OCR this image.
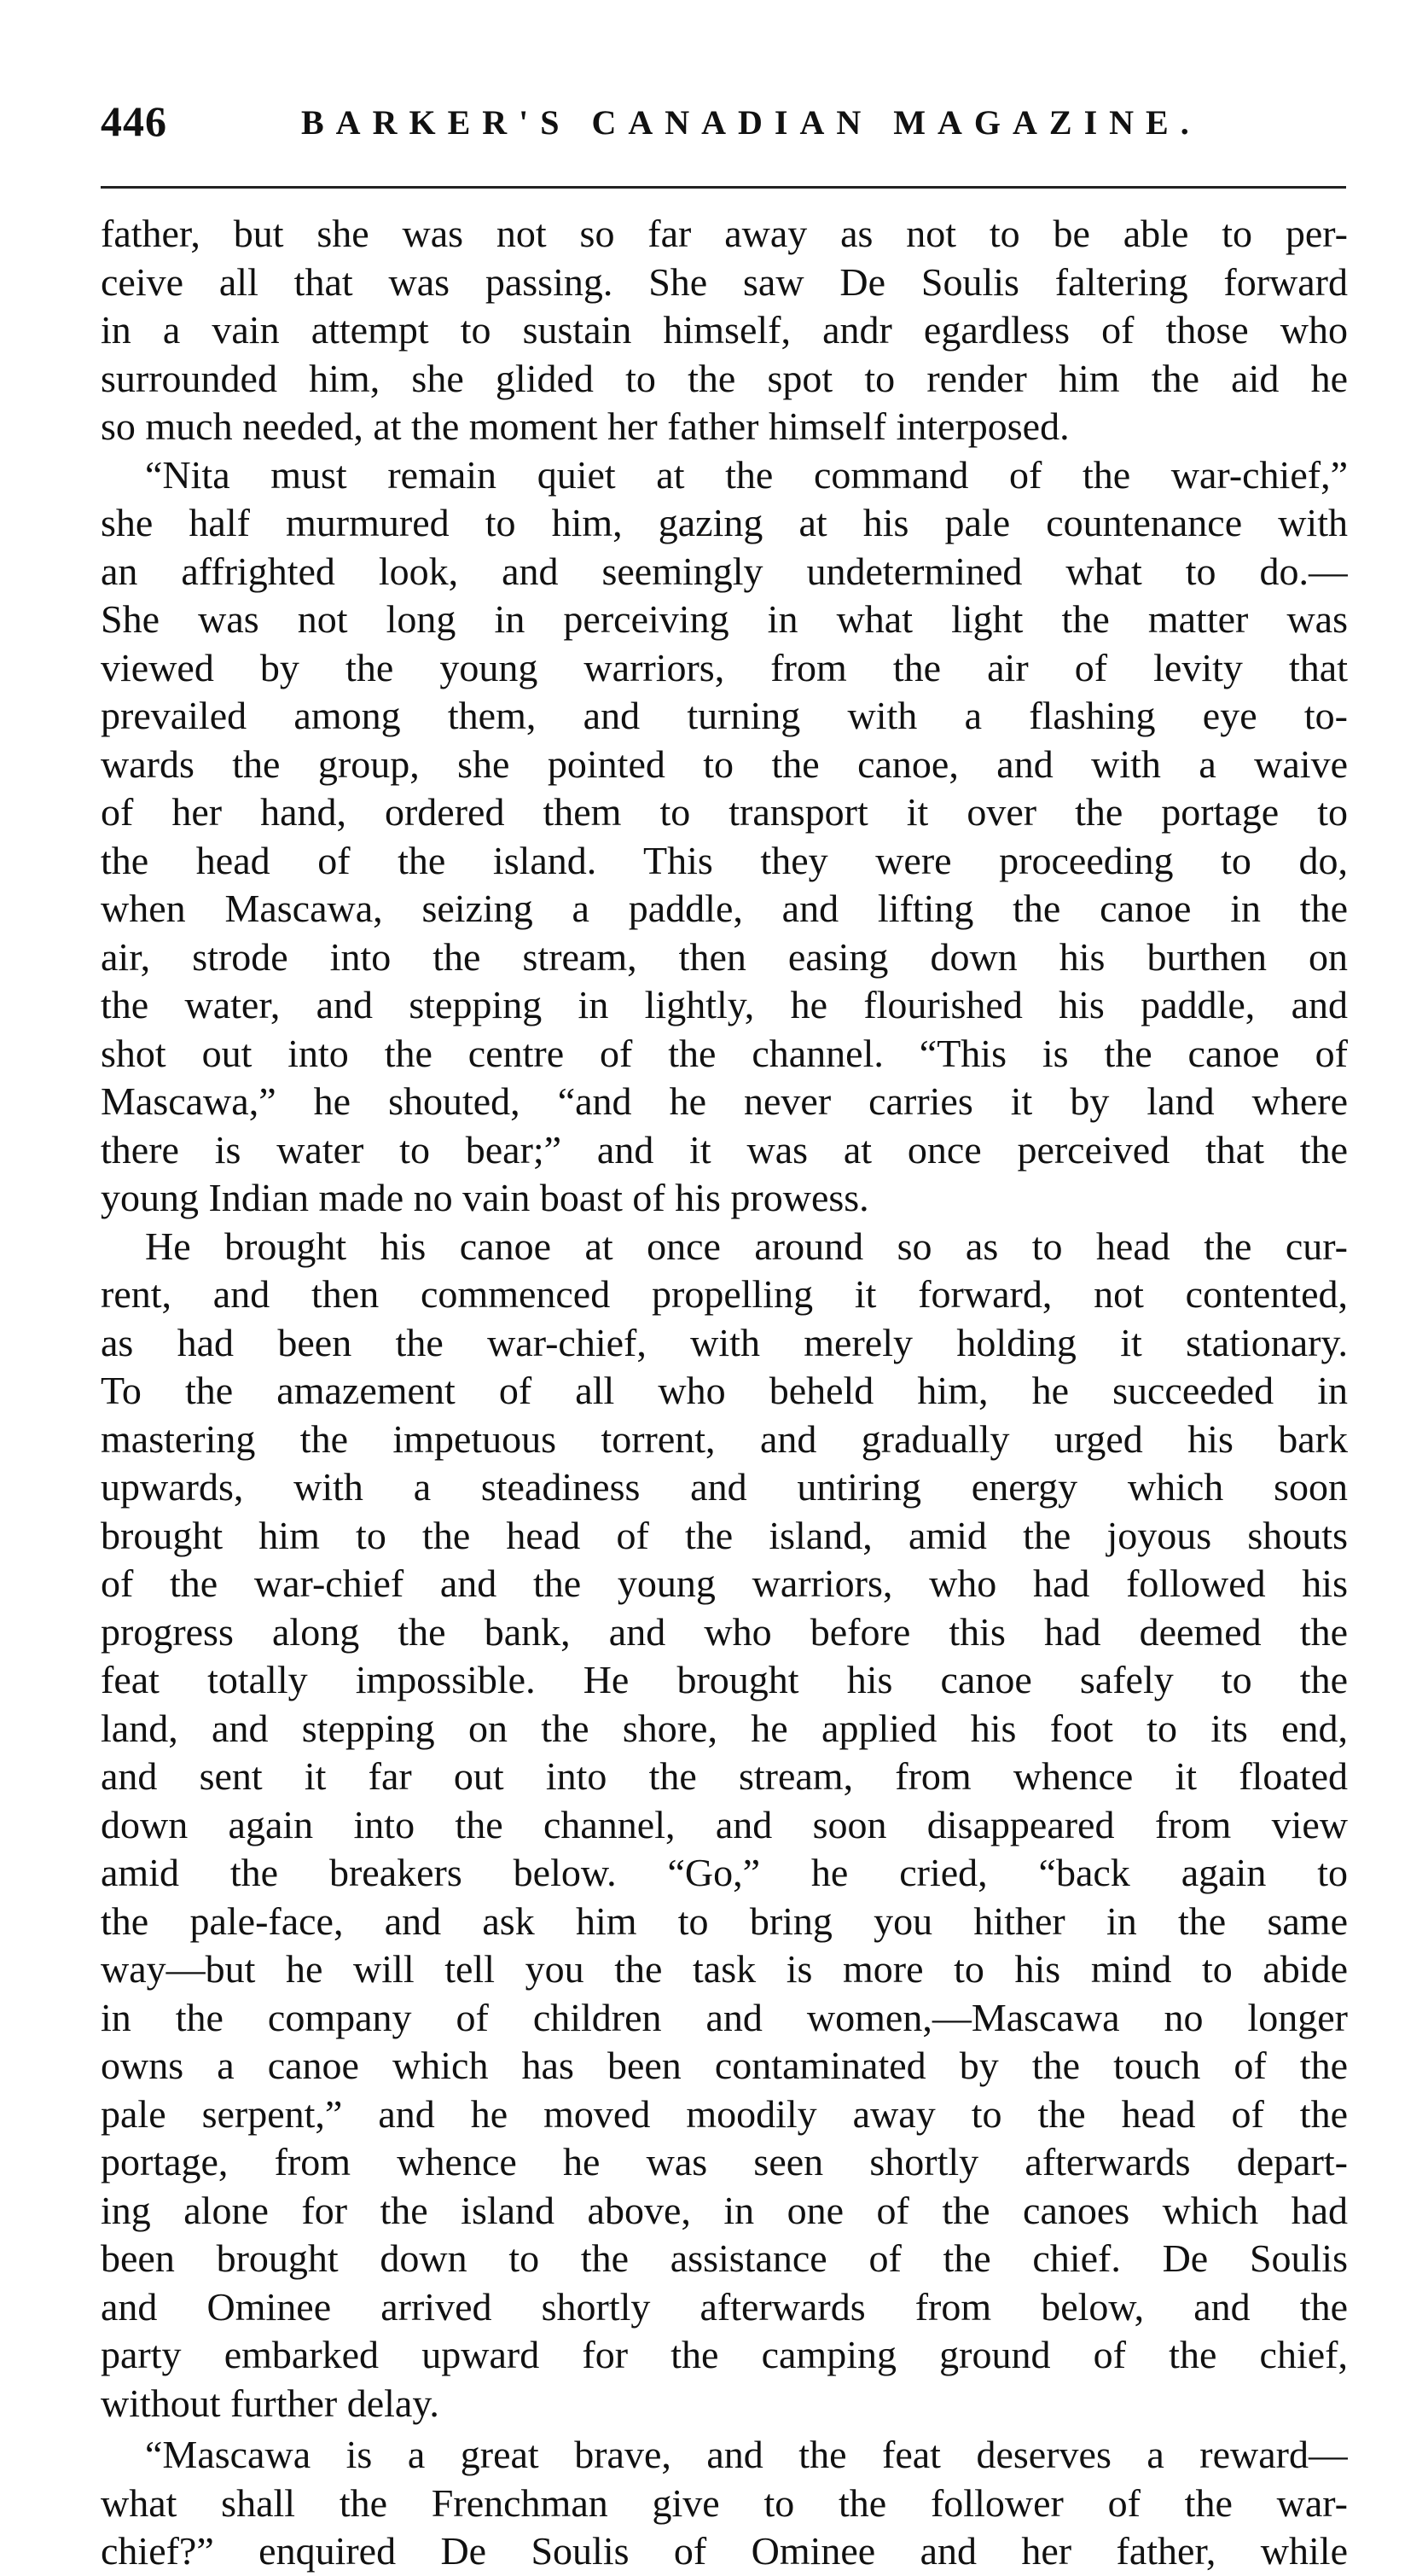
446	BARKER'S CANADIAN MAGAZINE.
father, but she was not so far away as not to be able to per-
ceive all that was passing. She saw De Soulis faltering forward
in a vain attempt to sustain himself, andr egardless of those who
surrounded him, she glided to the spot to render him the aid he
so much needed, at the moment her father himself interposed.
“Nita must remain quiet at the command of the war-chief,”
she half murmured to him, gazing at his pale countenance with
an affrighted look, and seemingly undetermined what to do.—
She was not long in perceiving in what light the matter was
viewed by the young warriors, from the air of levity that
prevailed among them, and turning with a flashing eye to-
wards the group, she pointed to the canoe, and with a waive
of her hand, ordered them to transport it over the portage to
the head of the island. This they were proceeding to do,
when Mascawa, seizing a paddle, and lifting the canoe in the
air, strode into the stream, then easing down his burthen on
the water, and stepping in lightly, he flourished his paddle, and
shot out into the centre of the channel. “This is the canoe of
Mascawa,” he shouted, “and he never carries it by land where
there is water to bear;” and it was at once perceived that the
young Indian made no vain boast of his prowess.
He brought his canoe at once around so as to head the cur-
rent, and then commenced propelling it forward, not contented,
as had been the war-chief, with merely holding it stationary.
To the amazement of all who beheld him, he succeeded in
mastering the impetuous torrent, and gradually urged his bark
upwards, with a steadiness and untiring energy which soon
brought him to the head of the island, amid the joyous shouts
of the war-chief and the young warriors, who had followed his
progress along the bank, and who before this had deemed the
feat totally impossible. He brought his canoe safely to the
land, and stepping on the shore, he applied his foot to its end,
and sent it far out into the stream, from whence it floated
down again into the channel, and soon disappeared from view
amid the breakers below. “Go,” he cried, “back again to
the pale-face, and ask him to bring you hither in the same
way—but he will tell you the task is more to his mind to abide
in the company of children and women,—Mascawa no longer
owns a canoe which has been contaminated by the touch of the
pale serpent,” and he moved moodily away to the head of the
portage, from whence he was seen shortly afterwards depart-
ing alone for the island above, in one of the canoes which had
been brought down to the assistance of the chief. De Soulis
and Ominee arrived shortly afterwards from below, and the
party embarked upward for the camping ground of the chief,
without further delay.
“Mascawa is a great brave, and the feat deserves a reward—
what shall the Frenchman give to the follower of the war-
chief?” enquired De Soulis of Ominee and her father, while
